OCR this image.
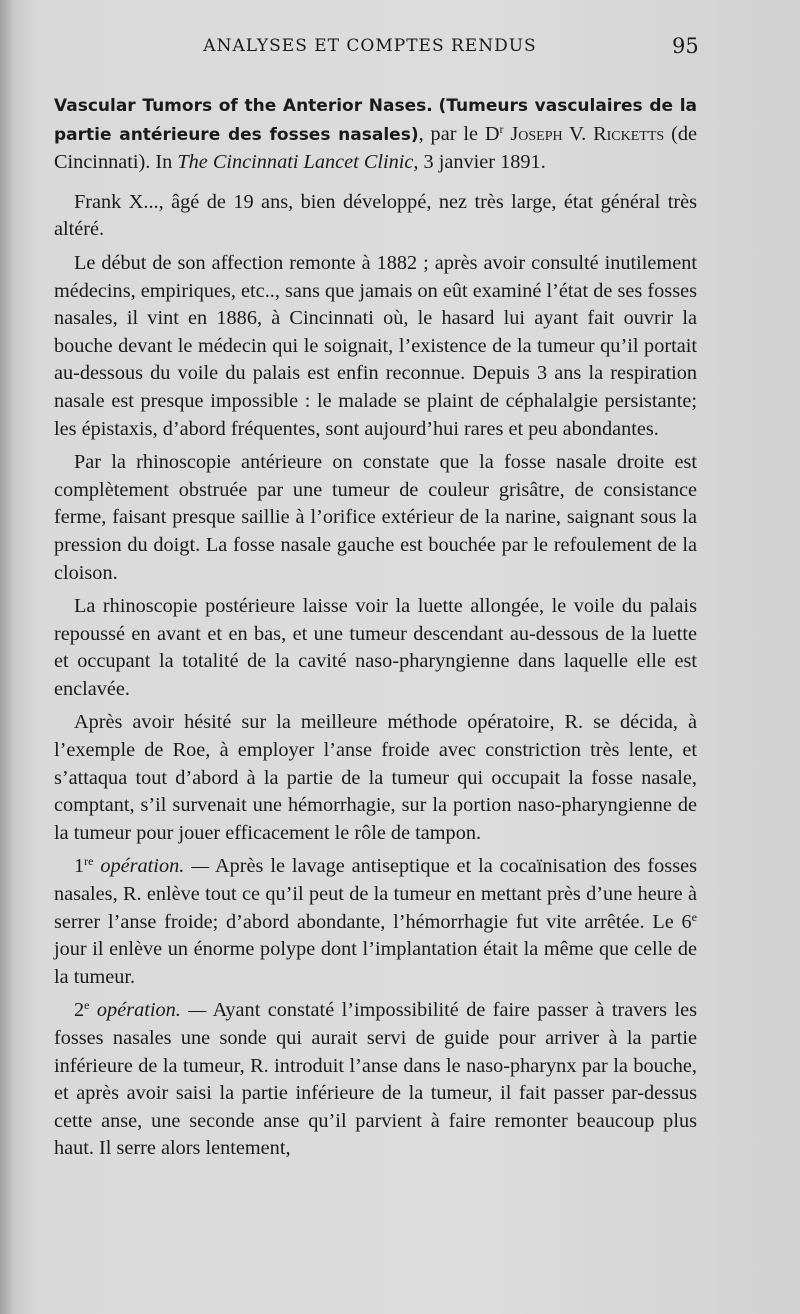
ANALYSES ET COMPTES RENDUS	95

Vascular Tumors of the Anterior Nases. (Tumeurs vasculaires de la partie antérieure des fosses nasales), par le $D^r$ Joseph V. Ricketts (de Cincinnati). In The Cincinnati Lancet Clinic, 3 janvier 1891.

Frank X..., âgé de 19 ans, bien développé, nez très large, état général très altéré.

Le début de son affection remonte à 1882 ; après avoir consulté inutilement médecins, empiriques, etc.., sans que jamais on eût examiné l’état de ses fosses nasales, il vint en 1886, à Cincinnati où, le hasard lui ayant fait ouvrir la bouche devant le médecin qui le soignait, l’existence de la tumeur qu’il portait au-dessous du voile du palais est enfin reconnue. Depuis 3 ans la respiration nasale est presque impossible : le malade se plaint de céphalalgie persistante; les épistaxis, d’abord fréquentes, sont aujourd’hui rares et peu abondantes.

Par la rhinoscopie antérieure on constate que la fosse nasale droite est complètement obstruée par une tumeur de couleur grisâtre, de consistance ferme, faisant presque saillie à l’orifice extérieur de la narine, saignant sous la pression du doigt. La fosse nasale gauche est bouchée par le refoulement de la cloison.

La rhinoscopie postérieure laisse voir la luette allongée, le voile du palais repoussé en avant et en bas, et une tumeur descendant au-dessous de la luette et occupant la totalité de la cavité naso-pharyngienne dans laquelle elle est enclavée.

Après avoir hésité sur la meilleure méthode opératoire, R. se décida, à l’exemple de Roe, à employer l’anse froide avec constriction très lente, et s’attaqua tout d’abord à la partie de la tumeur qui occupait la fosse nasale, comptant, s’il survenait une hémorrhagie, sur la portion naso-pharyngienne de la tumeur pour jouer efficacement le rôle de tampon.

1re opération. — Après le lavage antiseptique et la cocaïnisation des fosses nasales, R. enlève tout ce qu’il peut de la tumeur en mettant près d’une heure à serrer l’anse froide; d’abord abondante, l’hémorrhagie fut vite arrêtée. Le 6e jour il enlève un énorme polype dont l’implantation était la même que celle de la tumeur.

2e opération. — Ayant constaté l’impossibilité de faire passer à travers les fosses nasales une sonde qui aurait servi de guide pour arriver à la partie inférieure de la tumeur, R. introduit l’anse dans le naso-pharynx par la bouche, et après avoir saisi la partie inférieure de la tumeur, il fait passer par-dessus cette anse, une seconde anse qu’il parvient à faire remonter beaucoup plus haut. Il serre alors lentement,
